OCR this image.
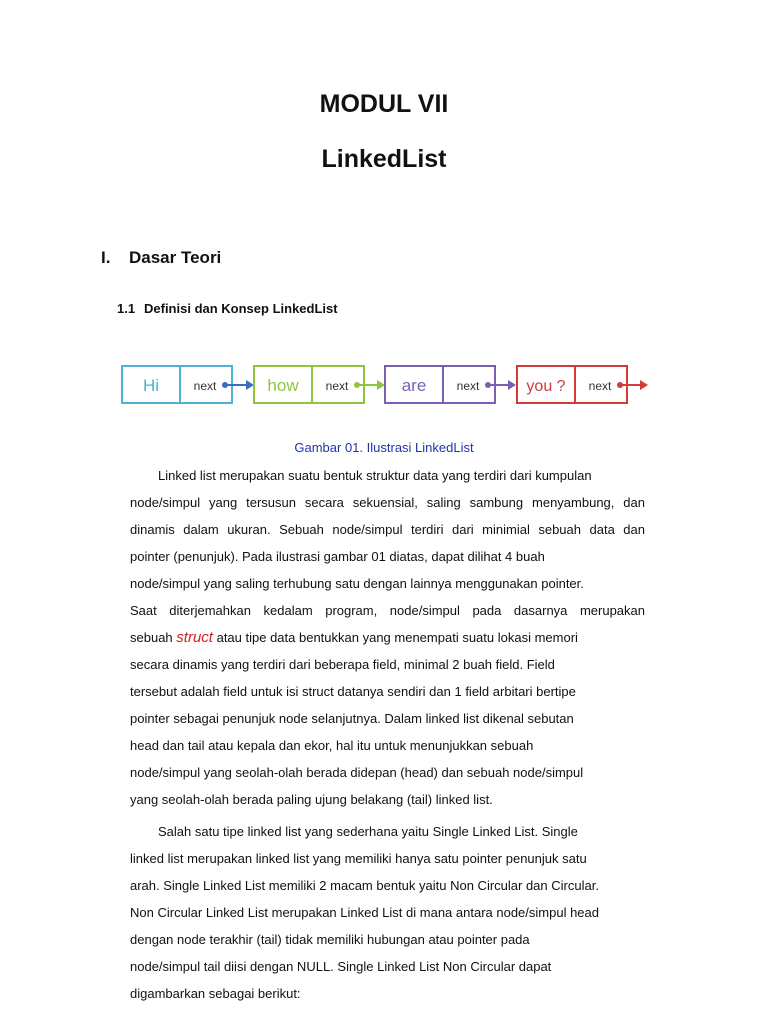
MODUL VII
LinkedList
I. Dasar Teori
1.1 Definisi dan Konsep LinkedList
Hi	next	how next	are	next	you ? next
Gambar 01. Ilustrasi LinkedList
Linked list merupakan suatu bentuk struktur data yang terdiri dari kumpulan
node/simpul yang tersusun secara sekuensial, saling sambung menyambung, dan
dinamis dalam ukuran. Sebuah node/simpul terdiri dari minimial sebuah data dan
pointer (penunjuk). Pada ilustrasi gambar 01 diatas, dapat dilihat 4 buah
node/simpul yang saling terhubung satu dengan lainnya menggunakan pointer.
Saat diterjemahkan kedalam program, node/simpul pada dasarnya merupakan
sebuah struct atau tipe data bentukkan yang menempati suatu lokasi memori
secara dinamis yang terdiri dari beberapa field, minimal 2 buah field. Field
tersebut adalah field untuk isi struct datanya sendiri dan 1 field arbitari bertipe
pointer sebagai penunjuk node selanjutnya. Dalam linked list dikenal sebutan
head dan tail atau kepala dan ekor, hal itu untuk menunjukkan sebuah
node/simpul yang seolah-olah berada didepan (head) dan sebuah node/simpul
yang seolah-olah berada paling ujung belakang (tail) linked list.
Salah satu tipe linked list yang sederhana yaitu Single Linked List. Single
linked list merupakan linked list yang memiliki hanya satu pointer penunjuk satu
arah. Single Linked List memiliki 2 macam bentuk yaitu Non Circular dan Circular.
Non Circular Linked List merupakan Linked List di mana antara node/simpul head
dengan node terakhir (tail) tidak memiliki hubungan atau pointer pada
node/simpul tail diisi dengan NULL. Single Linked List Non Circular dapat
digambarkan sebagai berikut:
